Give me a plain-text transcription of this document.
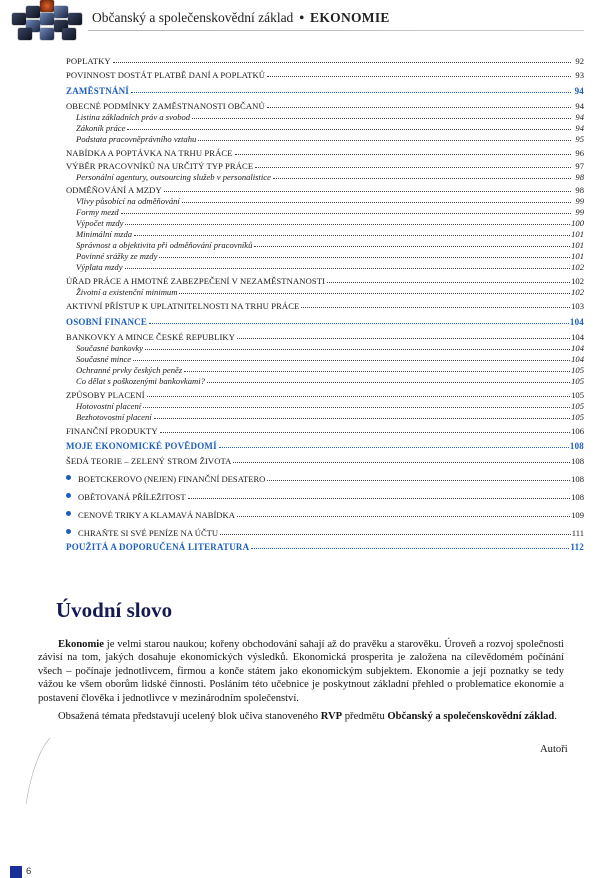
Občanský a společenskovědní základ • EKONOMIE
POPLATKY	92
POVINNOST DOSTÁT PLATBĚ DANÍ A POPLATKŮ	93
ZAMĚSTNÁNÍ	94
OBECNÉ PODMÍNKY ZAMĚSTNANOSTI OBČANŮ	94
Listina základních práv a svobod	94
Zákoník práce	94
Podstata pracovněprávního vztahu	95
NABÍDKA A POPTÁVKA NA TRHU PRÁCE	96
VÝBĚR PRACOVNÍKŮ NA URČITÝ TYP PRÁCE	97
Personální agentury, outsourcing služeb v personalistice	98
ODMĚŇOVÁNÍ A MZDY	98
Vlivy působící na odměňování	99
Formy mezd	99
Výpočet mzdy	100
Minimální mzda	101
Správnost a objektivita při odměňování pracovníků	101
Povinné srážky ze mzdy	101
Výplata mzdy	102
ÚŘAD PRÁCE A HMOTNÉ ZABEZPEČENÍ V NEZAMĚSTNANOSTI	102
Životní a existenční minimum	102
AKTIVNÍ PŘÍSTUP K UPLATNITELNOSTI NA TRHU PRÁCE	103
OSOBNÍ FINANCE	104
BANKOVKY A MINCE ČESKÉ REPUBLIKY	104
Současné bankovky	104
Současné mince	104
Ochranné prvky českých peněz	105
Co dělat s poškozenými bankovkami?	105
ZPŮSOBY PLACENÍ	105
Hotovostní placení	105
Bezhotovostní placení	105
FINANČNÍ PRODUKTY	106
MOJE EKONOMICKÉ POVĚDOMÍ	108
ŠEDÁ TEORIE – ZELENÝ STROM ŽIVOTA	108
BOETCKEROVO (NEJEN) FINANČNÍ DESATERO	108
OBĚTOVANÁ PŘÍLEŽITOST	108
CENOVÉ TRIKY A KLAMAVÁ NABÍDKA	109
CHRAŇTE SI SVÉ PENÍZE NA ÚČTU	111
POUŽITÁ A DOPORUČENÁ LITERATURA	112
Úvodní slovo

Ekonomie je velmi starou naukou; kořeny obchodování sahají až do pravěku a starověku. Úroveň a rozvoj společnosti závisí na tom, jakých dosahuje ekonomických výsledků. Ekonomická prosperita je založena na cílevědomém počínání všech – počínaje jednotlivcem, firmou a konče státem jako ekonomickým subjektem. Ekonomie a její poznatky se tedy vážou ke všem oborům lidské činnosti. Posláním této učebnice je poskytnout základní přehled o problematice ekonomie a postavení člověka i jednotlivce v mezinárodním společenství.

Obsažená témata představují ucelený blok učiva stanoveného RVP předmětu Občanský a společenskovědní základ.

Autoři
6
